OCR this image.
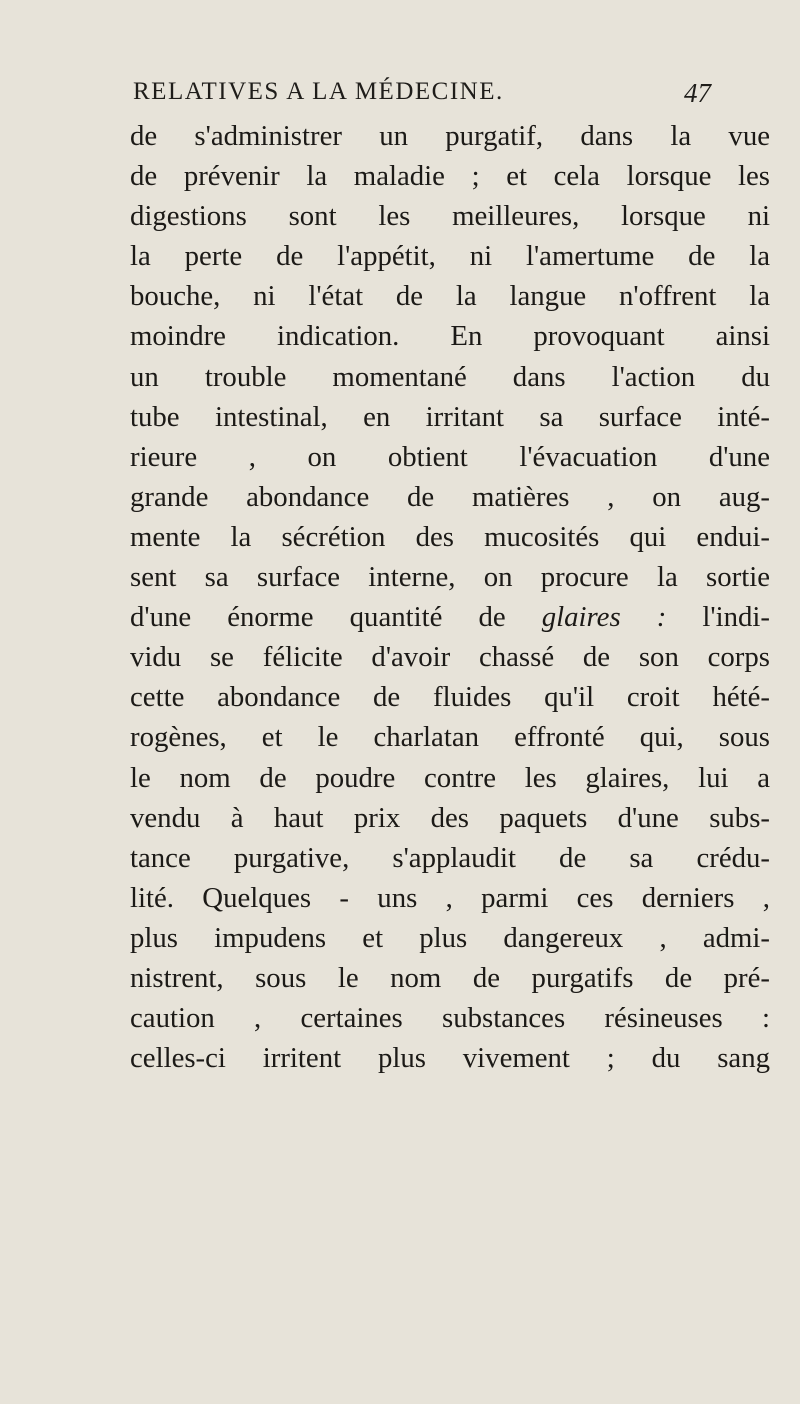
RELATIVES A LA MÉDECINE.	47
de s'administrer un purgatif, dans la vue
de prévenir la maladie ; et cela lorsque les
digestions sont les meilleures, lorsque ni
la perte de l'appétit, ni l'amertume de la
bouche, ni l'état de la langue n'offrent la
moindre indication. En provoquant ainsi
un trouble momentané dans l'action du
tube intestinal, en irritant sa surface inté-
rieure , on obtient l'évacuation d'une
grande abondance de matières , on aug-
mente la sécrétion des mucosités qui endui-
sent sa surface interne, on procure la sortie
d'une énorme quantité de glaires : l'indi-
vidu se félicite d'avoir chassé de son corps
cette abondance de fluides qu'il croit hété-
rogènes, et le charlatan effronté qui, sous
le nom de poudre contre les glaires, lui a
vendu à haut prix des paquets d'une subs-
tance purgative, s'applaudit de sa crédu-
lité. Quelques - uns , parmi ces derniers ,
plus impudens et plus dangereux , admi-
nistrent, sous le nom de purgatifs de pré-
caution , certaines substances résineuses :
celles-ci irritent plus vivement ; du sang
